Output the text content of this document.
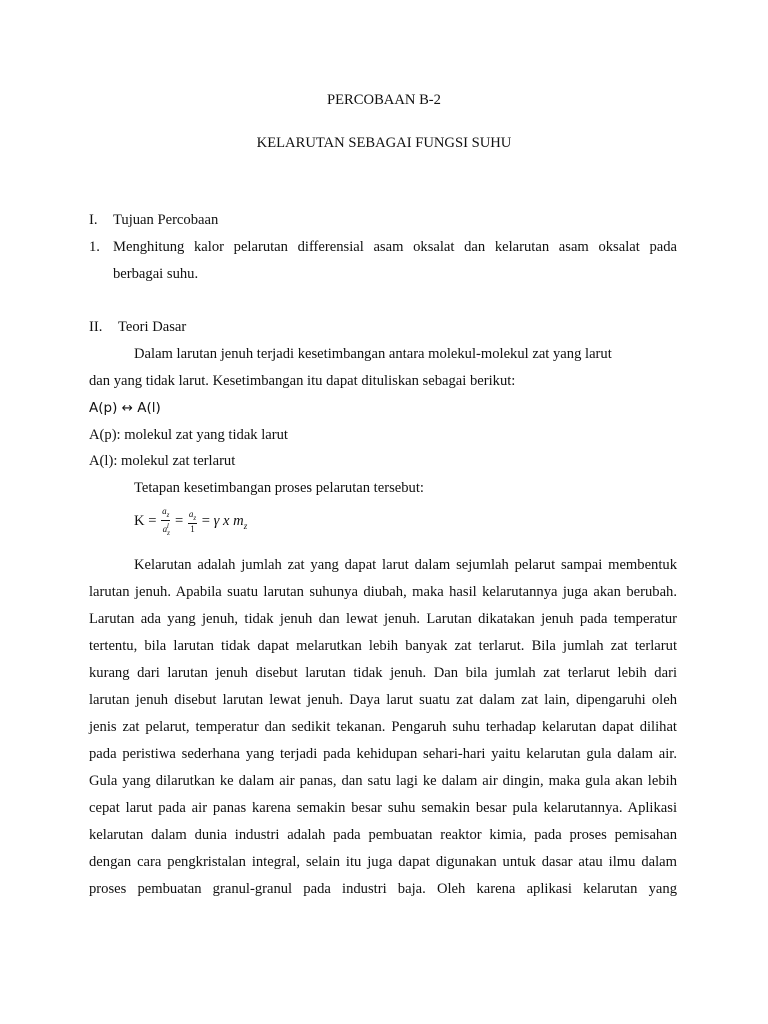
PERCOBAAN B-2
KELARUTAN SEBAGAI FUNGSI SUHU
I. Tujuan Percobaan
1. Menghitung kalor pelarutan differensial asam oksalat dan kelarutan asam oksalat pada
berbagai suhu.
II. Teori Dasar
Dalam larutan jenuh terjadi kesetimbangan antara molekul-molekul zat yang larut
dan yang tidak larut. Kesetimbangan itu dapat dituliskan sebagai berikut:
A(p) ↔ A(l)
A(p): molekul zat yang tidak larut
A(l): molekul zat terlarut
Tetapan kesetimbangan proses pelarutan tersebut:
$K = \frac{a_z}{a_z^l} = \frac{a_z}{1} = \gamma$ x $m_z$
Kelarutan adalah jumlah zat yang dapat larut dalam sejumlah pelarut sampai membentuk
larutan jenuh. Apabila suatu larutan suhunya diubah, maka hasil kelarutannya juga akan berubah.
Larutan ada yang jenuh, tidak jenuh dan lewat jenuh. Larutan dikatakan jenuh pada temperatur
tertentu, bila larutan tidak dapat melarutkan lebih banyak zat terlarut. Bila jumlah zat terlarut
kurang dari larutan jenuh disebut larutan tidak jenuh. Dan bila jumlah zat terlarut lebih dari
larutan jenuh disebut larutan lewat jenuh. Daya larut suatu zat dalam zat lain, dipengaruhi oleh
jenis zat pelarut, temperatur dan sedikit tekanan. Pengaruh suhu terhadap kelarutan dapat dilihat
pada peristiwa sederhana yang terjadi pada kehidupan sehari-hari yaitu kelarutan gula dalam air.
Gula yang dilarutkan ke dalam air panas, dan satu lagi ke dalam air dingin, maka gula akan lebih
cepat larut pada air panas karena semakin besar suhu semakin besar pula kelarutannya. Aplikasi
kelarutan dalam dunia industri adalah pada pembuatan reaktor kimia, pada proses pemisahan
dengan cara pengkristalan integral, selain itu juga dapat digunakan untuk dasar atau ilmu dalam
proses pembuatan granul-granul pada industri baja. Oleh karena aplikasi kelarutan yang
